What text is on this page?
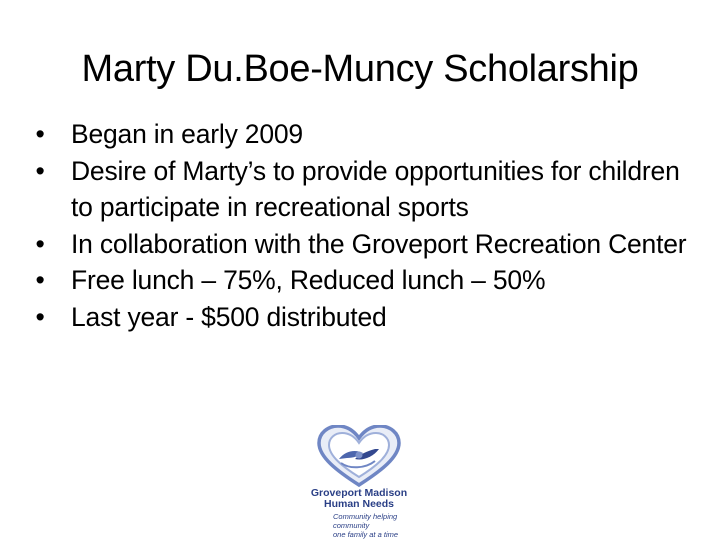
Marty Du.Boe-Muncy Scholarship
• Began in early 2009
• Desire of Marty’s to provide opportunities for children to participate in recreational sports
• In collaboration with the Groveport Recreation Center
• Free lunch – 75%, Reduced lunch – 50%
• Last year - $500 distributed
Groveport Madison
Human Needs
Community helping community
one family at a time
